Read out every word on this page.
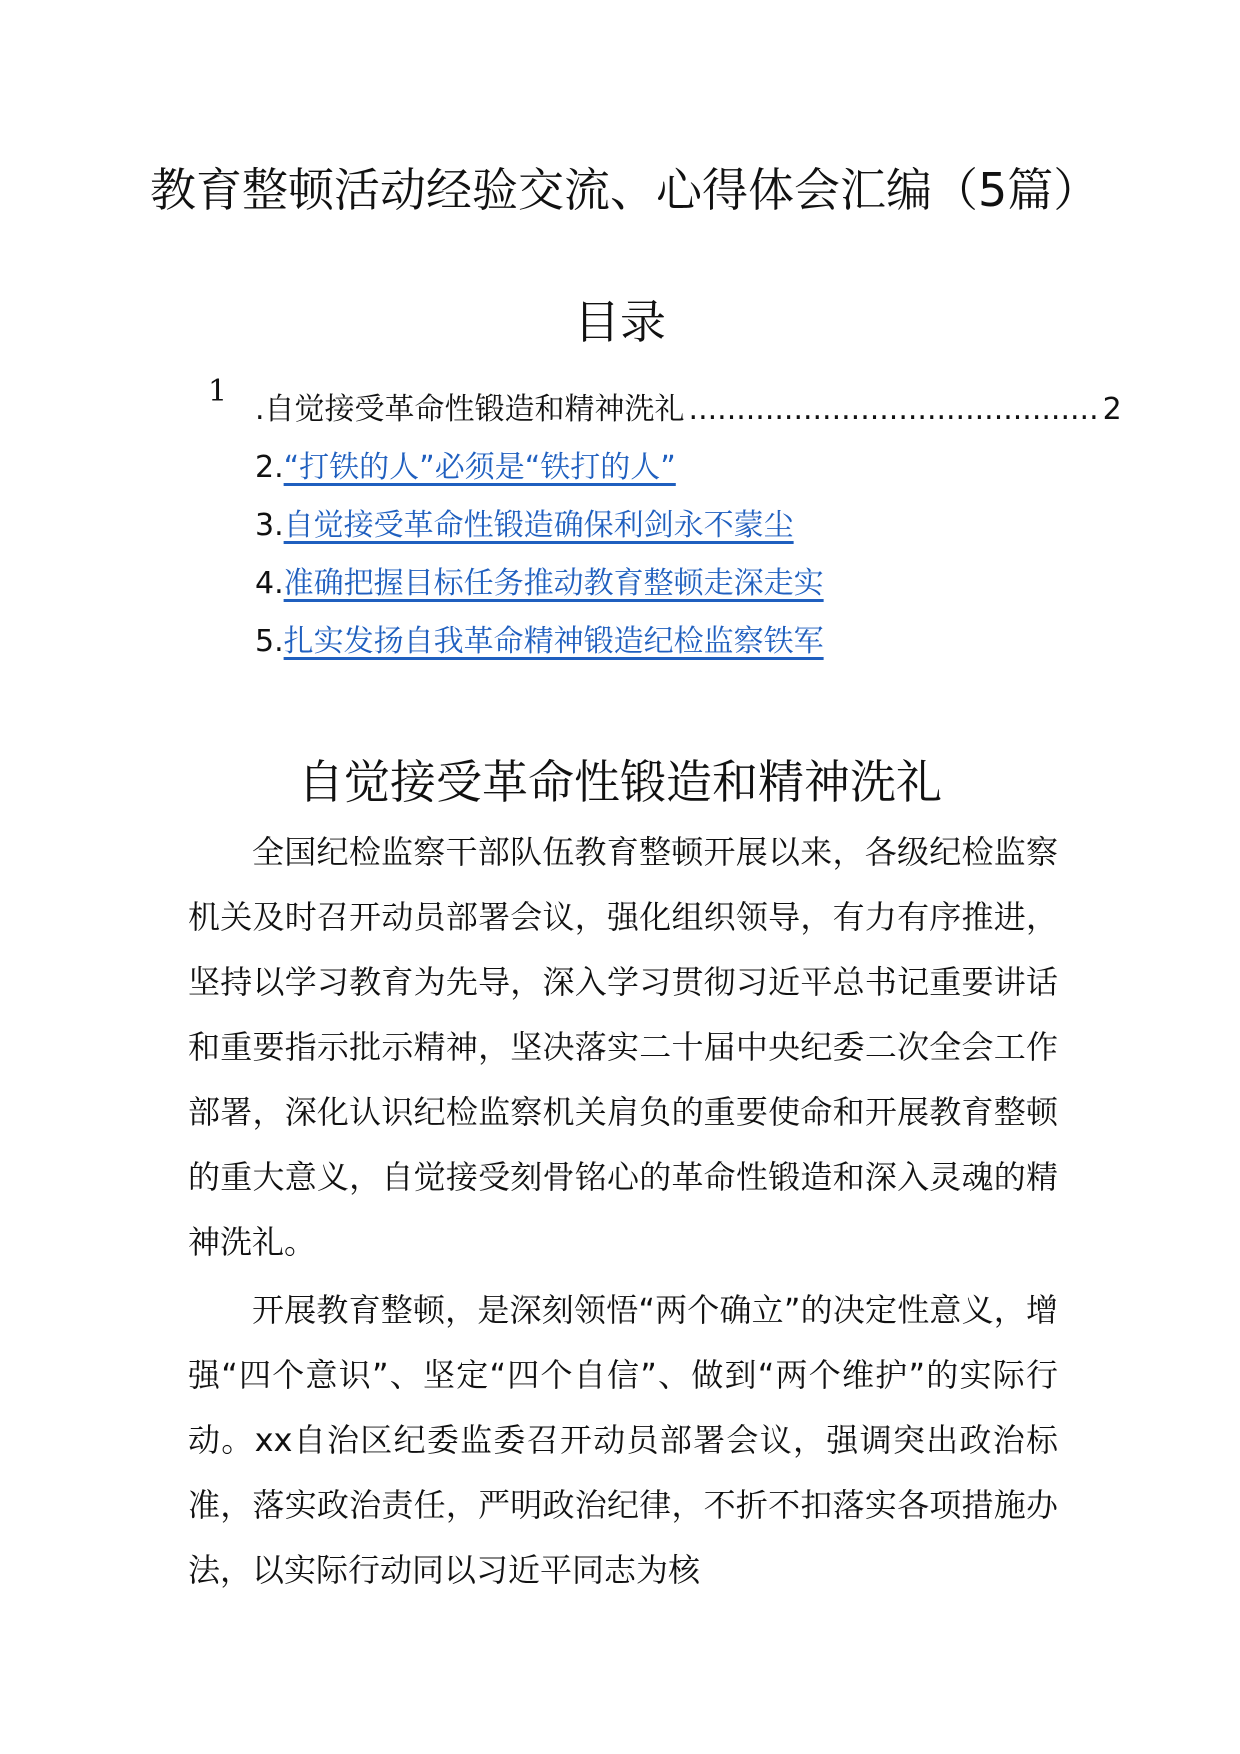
教育整顿活动经验交流、心得体会汇编（5篇）
目录
1
.自觉接受革命性锻造和精神洗礼 ........................................... 2
2.“打铁的人”必须是“铁打的人”
3.自觉接受革命性锻造确保利剑永不蒙尘
4.准确把握目标任务推动教育整顿走深走实
5.扎实发扬自我革命精神锻造纪检监察铁军
自觉接受革命性锻造和精神洗礼

全国纪检监察干部队伍教育整顿开展以来，各级纪检监察机关及时召开动员部署会议，强化组织领导，有力有序推进，坚持以学习教育为先导，深入学习贯彻习近平总书记重要讲话和重要指示批示精神，坚决落实二十届中央纪委二次全会工作部署，深化认识纪检监察机关肩负的重要使命和开展教育整顿的重大意义，自觉接受刻骨铭心的革命性锻造和深入灵魂的精神洗礼。

开展教育整顿，是深刻领悟“两个确立”的决定性意义，增强“四个意识”、坚定“四个自信”、做到“两个维护”的实际行动。xx自治区纪委监委召开动员部署会议，强调突出政治标准，落实政治责任，严明政治纪律，不折不扣落实各项措施办法，以实际行动同以习近平同志为核
